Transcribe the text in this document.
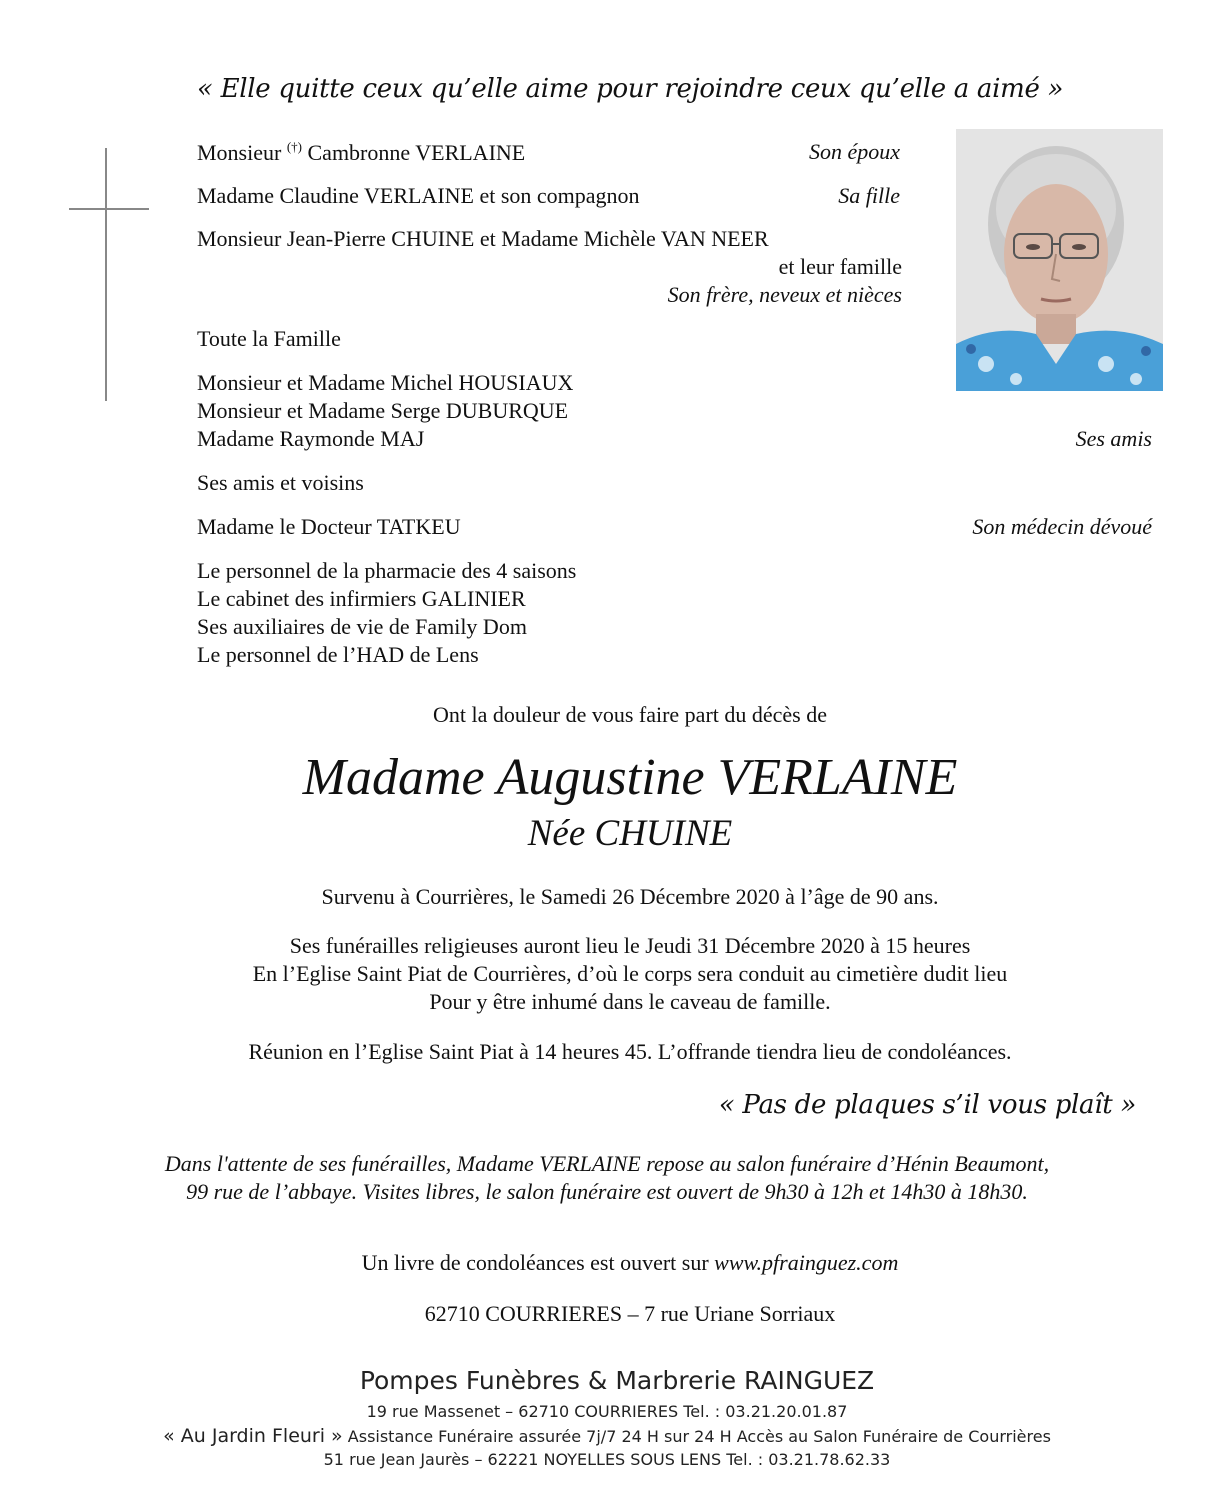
« Elle quitte ceux qu’elle aime pour rejoindre ceux qu’elle a aimé »
Monsieur (†) Cambronne VERLAINE	Son époux
Madame Claudine VERLAINE et son compagnon	Sa fille
Monsieur Jean-Pierre CHUINE et Madame Michèle VAN NEER
et leur famille
Son frère, neveux et nièces
Toute la Famille
Monsieur et Madame Michel HOUSIAUX
Monsieur et Madame Serge DUBURQUE
Madame Raymonde MAJ	Ses amis
Ses amis et voisins
Madame le Docteur TATKEU	Son médecin dévoué
Le personnel de la pharmacie des 4 saisons
Le cabinet des infirmiers GALINIER
Ses auxiliaires de vie de Family Dom
Le personnel de l’HAD de Lens
Ont la douleur de vous faire part du décès de
Madame Augustine VERLAINE
Née CHUINE
Survenu à Courrières, le Samedi 26 Décembre 2020 à l’âge de 90 ans.
Ses funérailles religieuses auront lieu le Jeudi 31 Décembre 2020 à 15 heures
En l’Eglise Saint Piat de Courrières, d’où le corps sera conduit au cimetière dudit lieu
Pour y être inhumé dans le caveau de famille.
Réunion en l’Eglise Saint Piat à 14 heures 45. L’offrande tiendra lieu de condoléances.
« Pas de plaques s’il vous plaît »
Dans l'attente de ses funérailles, Madame VERLAINE repose au salon funéraire d’Hénin Beaumont,
99 rue de l’abbaye. Visites libres, le salon funéraire est ouvert de 9h30 à 12h et 14h30 à 18h30.
Un livre de condoléances est ouvert sur www.pfrainguez.com
62710 COURRIERES – 7 rue Uriane Sorriaux
Pompes Funèbres & Marbrerie RAINGUEZ
19 rue Massenet – 62710 COURRIERES Tel. : 03.21.20.01.87
« Au Jardin Fleuri » Assistance Funéraire assurée 7j/7 24 H sur 24 H Accès au Salon Funéraire de Courrières
51 rue Jean Jaurès – 62221 NOYELLES SOUS LENS Tel. : 03.21.78.62.33
